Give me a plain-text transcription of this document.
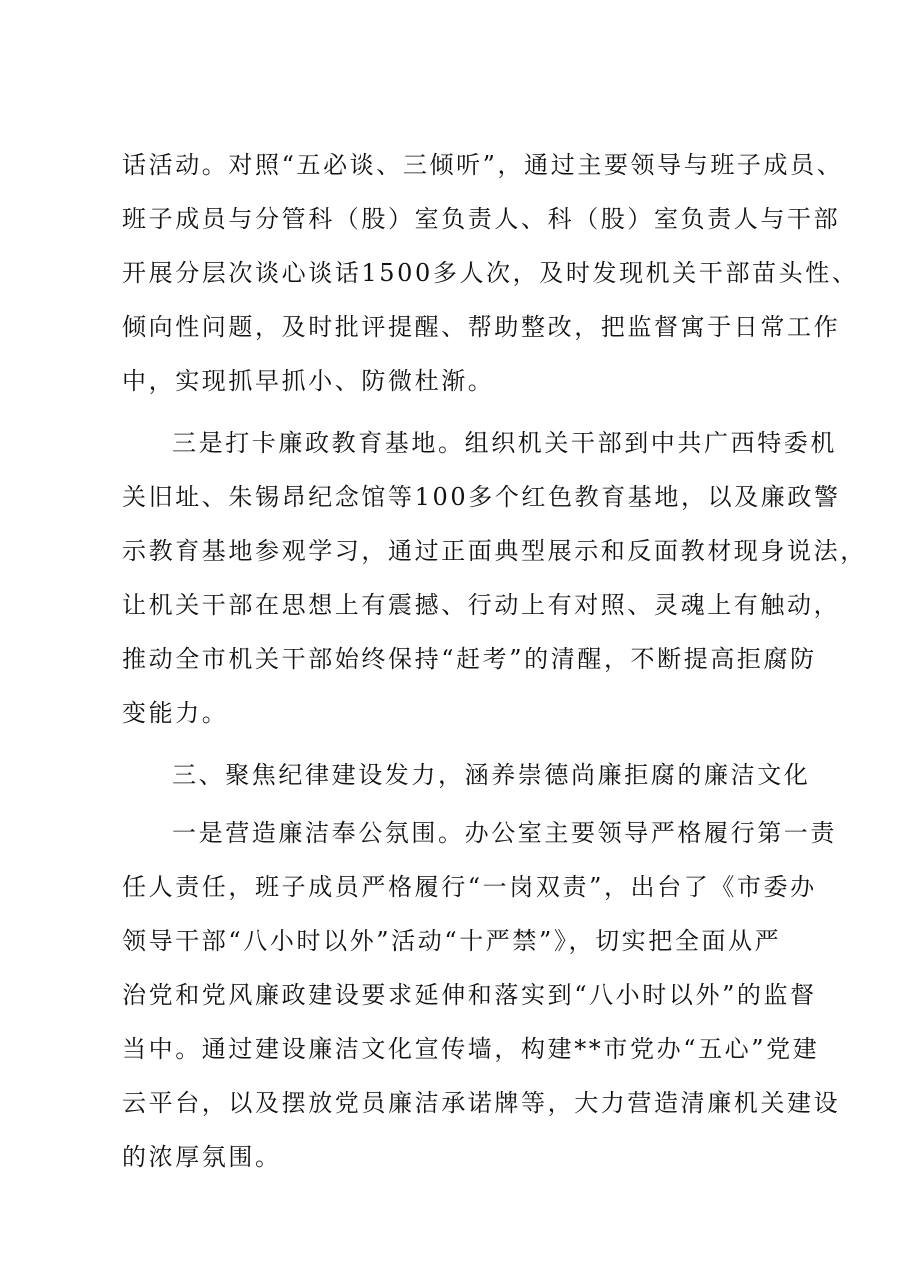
话活动。对照“五必谈、三倾听”，通过主要领导与班子成员、
班子成员与分管科（股）室负责人、科（股）室负责人与干部
开展分层次谈心谈话1500多人次，及时发现机关干部苗头性、
倾向性问题，及时批评提醒、帮助整改，把监督寓于日常工作
中，实现抓早抓小、防微杜渐。
三是打卡廉政教育基地。组织机关干部到中共广西特委机
关旧址、朱锡昂纪念馆等100多个红色教育基地，以及廉政警
示教育基地参观学习，通过正面典型展示和反面教材现身说法，
让机关干部在思想上有震撼、行动上有对照、灵魂上有触动，
推动全市机关干部始终保持“赶考”的清醒，不断提高拒腐防
变能力。
三、聚焦纪律建设发力，涵养崇德尚廉拒腐的廉洁文化
一是营造廉洁奉公氛围。办公室主要领导严格履行第一责
任人责任，班子成员严格履行“一岗双责”，出台了《市委办
领导干部“八小时以外”活动“十严禁”》，切实把全面从严
治党和党风廉政建设要求延伸和落实到“八小时以外”的监督
当中。通过建设廉洁文化宣传墙，构建**市党办“五心”党建
云平台，以及摆放党员廉洁承诺牌等，大力营造清廉机关建设
的浓厚氛围。
